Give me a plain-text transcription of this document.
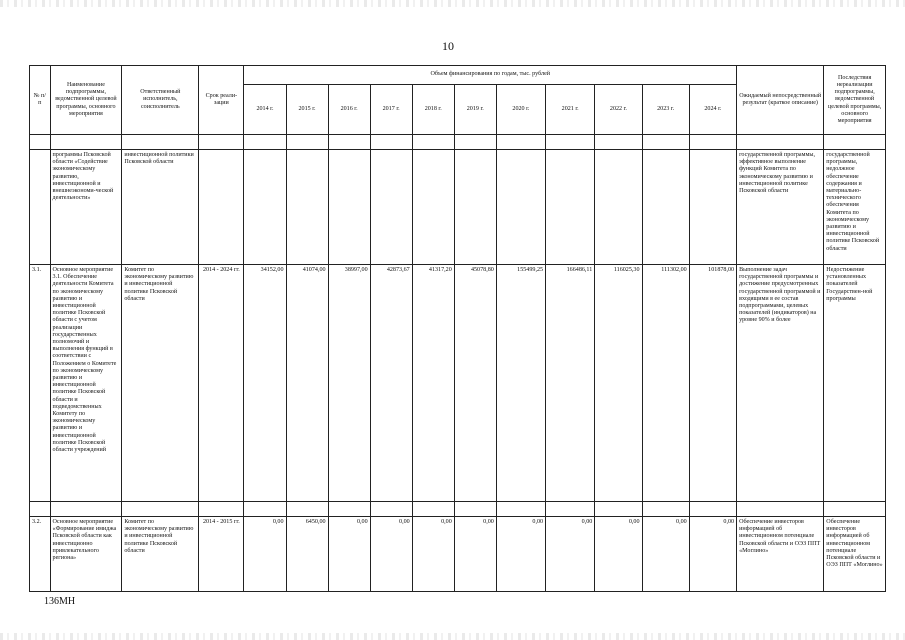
10
№ п/п	Наименование подпрограммы, ведомственной целевой программы, основного мероприятия	Ответственный исполнитель, соисполнитель	Срок реали-зации	Объем финансирования по годам, тыс. рублей											Ожидаемый непосредственный результат (краткое описание)	Последствия нереализации подпрограммы, ведомственной целевой программы, основного мероприятия
				2014 г.	2015 г.	2016 г.	2017 г.	2018 г.	2019 г.	2020 г.	2021 г.	2022 г.	2023 г.	2024 г.		

	программы Псковской области «Содействие экономическому развитию, инвестиционной и внешнеэкономи-ческой деятельности»	инвестиционной политики Псковской области													государственной программы, эффективное выполнение функций Комитета по экономическому развитию и инвестиционной политике Псковской области	государственной программы, недолжное обеспечение содержания и материально-технического обеспечения Комитета по экономическому развитию и инвестиционной политике Псковской области
3.1.	Основное мероприятие 3.1. Обеспечение деятельности Комитета по экономическому развитию и инвестиционной политике Псковской области с учетом реализации государственных полномочий и выполнения функций в соответствии с Положением о Комитете по экономическому развитию и инвестиционной политике Псковской области и подведомственных Комитету по экономическому развитию и инвестиционной политике Псковской области учреждений	Комитет по экономическому развитию и инвестиционной политике Псковской области	2014 - 2024 гг.	34152,00	41074,00	38997,00	42873,67	41317,20	45078,80	155499,25	166486,11	116025,30	111302,00	101878,00	Выполнение задач государственной программы и достижение предусмотренных государственной программой и входящими в ее состав подпрограммами, целевых показателей (индикаторов) на уровне 90% и более	Недостижение установленных показателей Государствен-ной программы

3.2.	Основное мероприятие «Формирование имиджа Псковской области как инвестиционно привлекательного региона»	Комитет по экономическому развитию и инвестиционной политике Псковской области	2014 - 2015 гг.	0,00	6450,00	0,00	0,00	0,00	0,00	0,00	0,00	0,00	0,00	0,00	Обеспечение инвесторов информацией об инвестиционном потенциале Псковской области и ОЭЗ ППТ «Моглино»	Обеспечение инвесторов информацией об инвестиционном потенциале Псковской области и ОЭЗ ППТ «Моглино»
136МН
